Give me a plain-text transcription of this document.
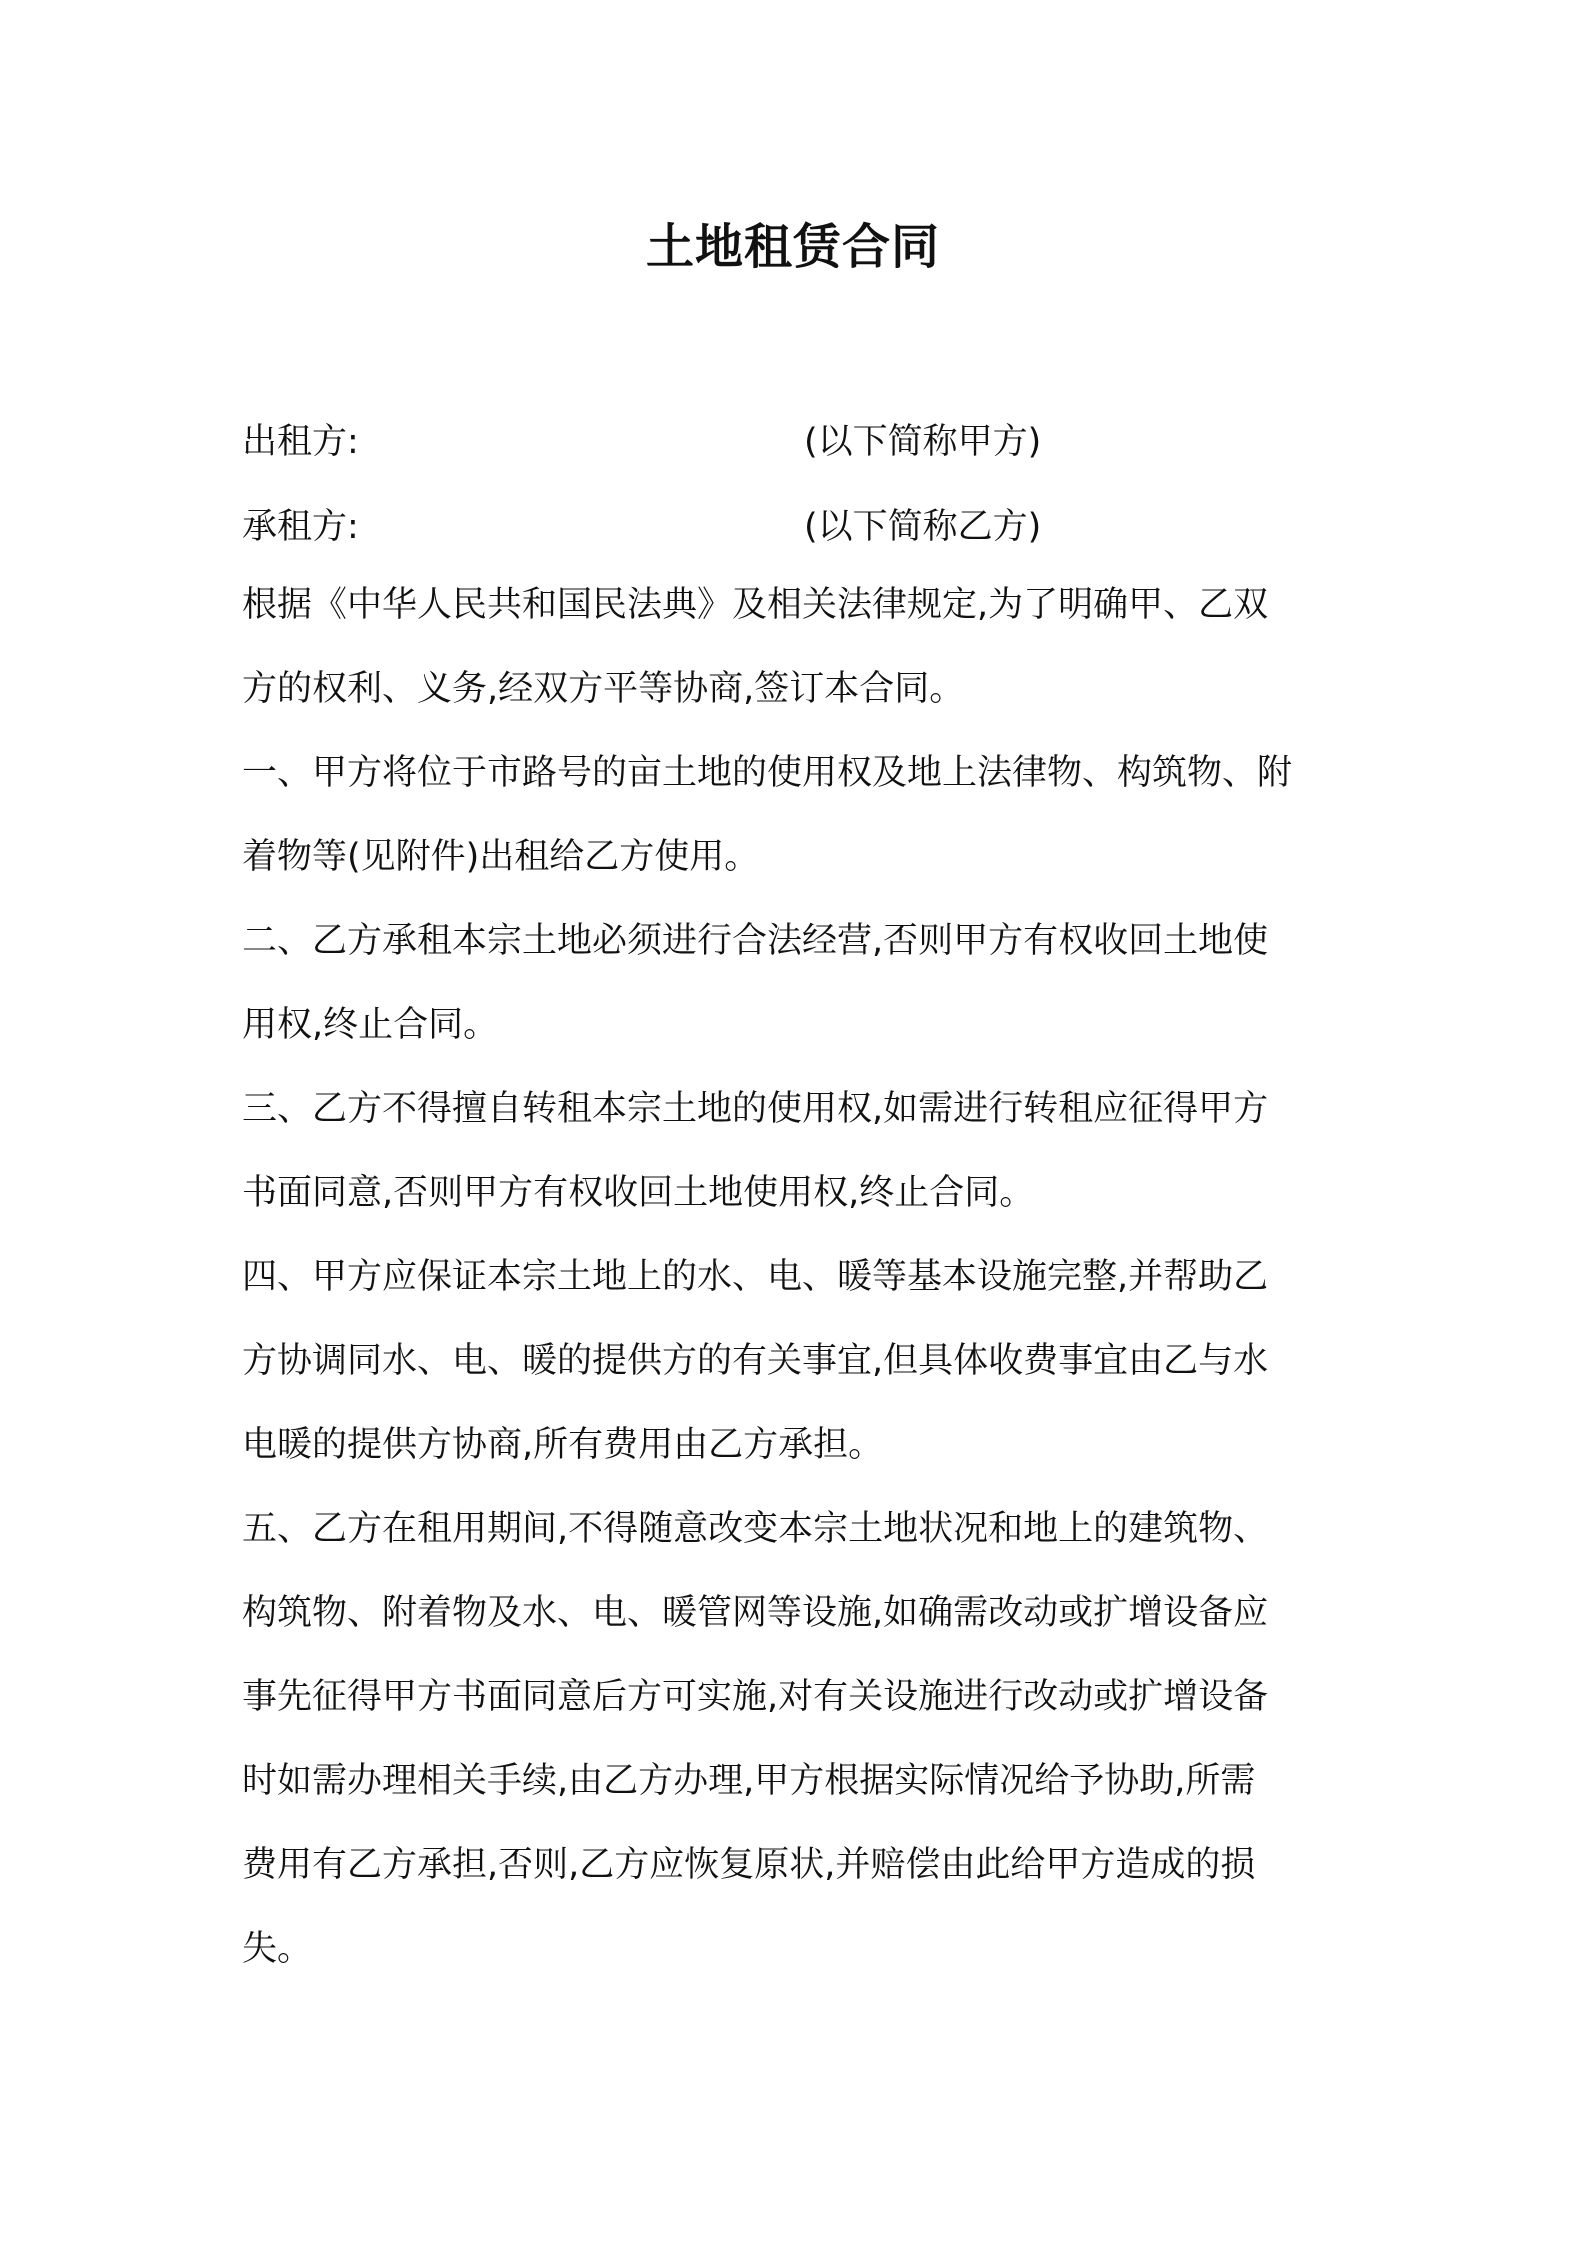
土地租赁合同
出租方:	(以下简称甲方)
承租方:	(以下简称乙方)

根据《中华人民共和国民法典》及相关法律规定,为了明确甲、乙双
方的权利、义务,经双方平等协商,签订本合同。

一、甲方将位于市路号的亩土地的使用权及地上法律物、构筑物、附
着物等(见附件)出租给乙方使用。

二、乙方承租本宗土地必须进行合法经营,否则甲方有权收回土地使
用权,终止合同。

三、乙方不得擅自转租本宗土地的使用权,如需进行转租应征得甲方
书面同意,否则甲方有权收回土地使用权,终止合同。

四、甲方应保证本宗土地上的水、电、暖等基本设施完整,并帮助乙
方协调同水、电、暖的提供方的有关事宜,但具体收费事宜由乙与水
电暖的提供方协商,所有费用由乙方承担。

五、乙方在租用期间,不得随意改变本宗土地状况和地上的建筑物、
构筑物、附着物及水、电、暖管网等设施,如确需改动或扩增设备应
事先征得甲方书面同意后方可实施,对有关设施进行改动或扩增设备
时如需办理相关手续,由乙方办理,甲方根据实际情况给予协助,所需
费用有乙方承担,否则,乙方应恢复原状,并赔偿由此给甲方造成的损
失。
